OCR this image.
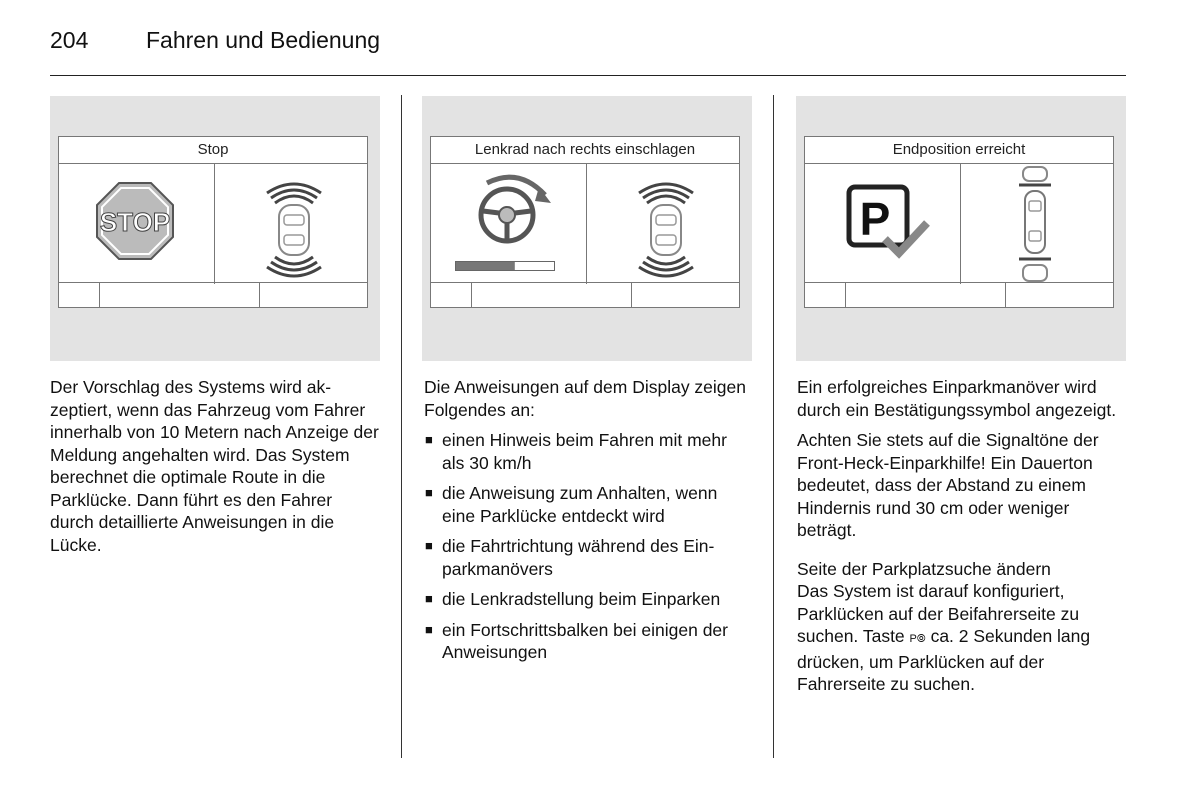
204	Fahren und Bedienung
Stop
STOP
Lenkrad nach rechts einschlagen	Endposition erreicht
P

Der Vorschlag des Systems wird akzeptiert, wenn das Fahrzeug vom Fahrer innerhalb von 10 Metern nach Anzeige der Meldung angehalten wird. Das System berechnet die optimale Route in die Parklücke. Dann führt es den Fahrer durch detaillierte Anweisungen in die Lücke.

Die Anweisungen auf dem Display zeigen Folgendes an:

■ einen Hinweis beim Fahren mit mehr als 30 km/h
■ die Anweisung zum Anhalten, wenn eine Parklücke entdeckt wird
■ die Fahrtrichtung während des Einparkmanövers
■ die Lenkradstellung beim Einparken
■ ein Fortschrittsbalken bei einigen der Anweisungen

Ein erfolgreiches Einparkmanöver wird durch ein Bestätigungssymbol angezeigt.

Achten Sie stets auf die Signaltöne der Front-Heck-Einparkhilfe! Ein Dauerton bedeutet, dass der Abstand zu einem Hindernis rund 30 cm oder weniger beträgt.

Seite der Parkplatzsuche ändern

Das System ist darauf konfiguriert, Parklücken auf der Beifahrerseite zu suchen. Taste P⦾ ca. 2 Sekunden lang drücken, um Parklücken auf der Fahrerseite zu suchen.
